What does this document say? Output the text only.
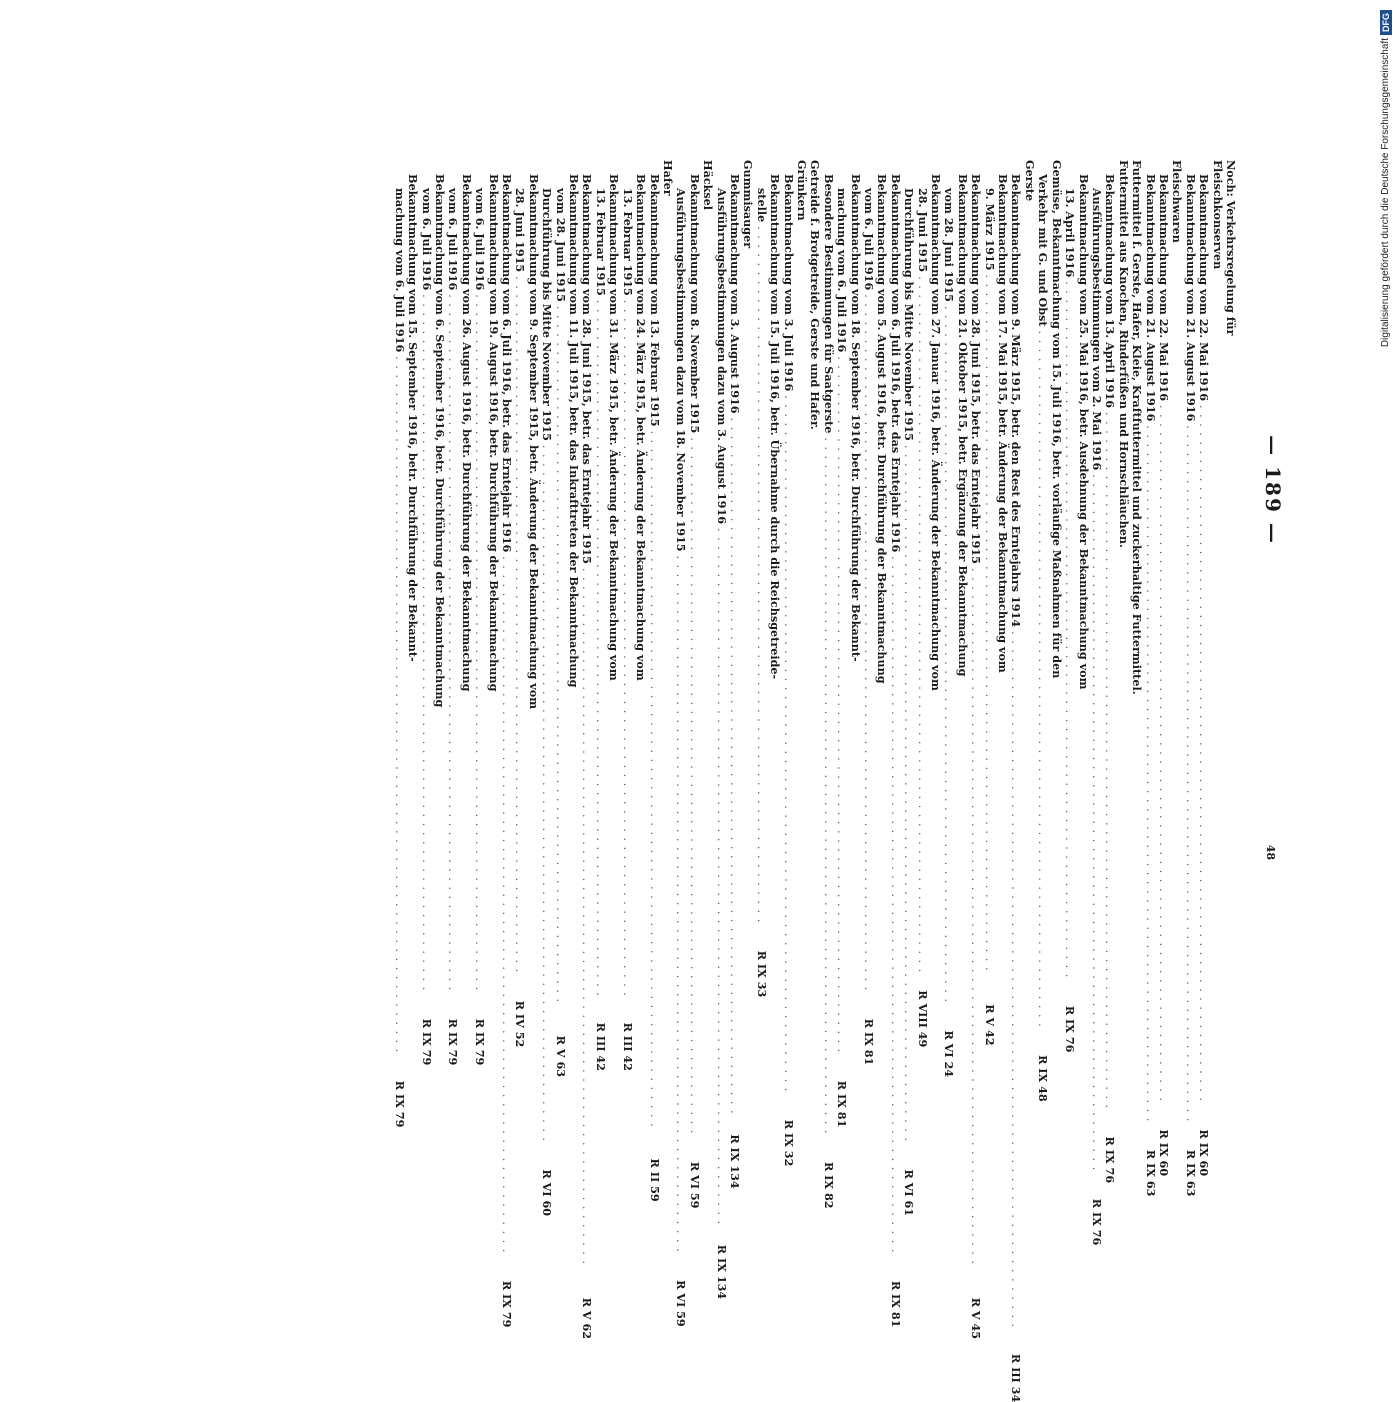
— 189 —
Noch: Verkehrsregelung für
Fleischkonserven
Bekanntmachung vom 22. Mai 1916
. . .
R IX 60
Bekanntmachung vom 21. August 1916
. . .
R IX 63
Fleischwaren
Bekanntmachung vom 22. Mai 1916
. . .
R IX 60
Bekanntmachung vom 21. August 1916
. . .
R IX 63
Futtermittel f. Gerste, Hafer, Kleie, Kraftfuttermittel und zuckerhaltige Futtermittel.
Futtermittel aus Knochen, Rinderfüßen und Hornschläuchen.
Bekanntmachung vom 13. April 1916
. . .
R IX 76
Ausführungsbestimmungen vom 2. Mai 1916
. . .
R IX 76
Bekanntmachung vom 25. Mai 1916, betr. Ausdehnung der Bekanntmachung vom
13. April 1916
. . .
R IX 76
Gemüse, Bekanntmachung vom 15. Juli 1916, betr. vorläufige Maßnahmen für den
Verkehr mit G. und Obst
. . .
R IX 48
Gerste
Bekanntmachung vom 9. März 1915, betr. den Rest des Erntejahrs 1914
. . .
R III 34
Bekanntmachung vom 17. Mai 1915, betr. Änderung der Bekanntmachung vom
9. März 1915
. . .
R V 42
Bekanntmachung vom 28. Juni 1915, betr. das Erntejahr 1915
. . .
R V 45
Bekanntmachung vom 21. Oktober 1915, betr. Ergänzung der Bekanntmachung
vom 28. Juni 1915
. . .
R VI 24
Bekanntmachung vom 27. Januar 1916, betr. Änderung der Bekanntmachung vom
28. Juni 1915
. . .
R VIII 49
Durchführung bis Mitte November 1915
. . .
R VI 61
Bekanntmachung vom 6. Juli 1916, betr. das Erntejahr 1916
. . .
R IX 81
Bekanntmachung vom 5. August 1916, betr. Durchführung der Bekanntmachung
vom 6. Juli 1916
. . .
R IX 81
Bekanntmachung vom 18. September 1916, betr. Durchführung der Bekannt-
machung vom 6. Juli 1916
. . .
R IX 81
Besondere Bestimmungen für Saatgerste
. . .
R IX 82
Getreide f. Brotgetreide, Gerste und Hafer.
Grünkern
Bekanntmachung vom 3. Juli 1916
. . .
R IX 32
Bekanntmachung vom 15. Juli 1916, betr. Übernahme durch die Reichsgetreide-
stelle
. . .
R IX 33
Gummisauger
Bekanntmachung vom 3. August 1916
. . .
R IX 134
Ausführungsbestimmungen dazu vom 3. August 1916
. . .
R IX 134
Häcksel
Bekanntmachung vom 8. November 1915
. . .
R VI 59
Ausführungsbestimmungen dazu vom 18. November 1915
. . .
R VI 59
Hafer
Bekanntmachung vom 13. Februar 1915
. . .
R II 59
Bekanntmachung vom 24. März 1915, betr. Änderung der Bekanntmachung vom
13. Februar 1915
. . .
R III 42
Bekanntmachung vom 31. März 1915, betr. Änderung der Bekanntmachung vom
13. Februar 1915
. . .
R III 42
Bekanntmachung vom 28. Juni 1915, betr. das Erntejahr 1915
. . .
R V 62
Bekanntmachung vom 11. Juli 1915, betr. das Inkrafttreten der Bekanntmachung
vom 28. Juni 1915
. . .
R V 63
Durchführung bis Mitte November 1915
. . .
R VI 60
Bekanntmachung vom 9. September 1915, betr. Änderung der Bekanntmachung vom
28. Juni 1915
. . .
R IV 52
Bekanntmachung vom 6. Juli 1916, betr. das Erntejahr 1916
. . .
R IX 79
Bekanntmachung vom 19. August 1916, betr. Durchführung der Bekanntmachung
vom 6. Juli 1916
. . .
R IX 79
Bekanntmachung vom 26. August 1916, betr. Durchführung der Bekanntmachung
vom 6. Juli 1916
. . .
R IX 79
Bekanntmachung vom 6. September 1916, betr. Durchführung der Bekanntmachung
vom 6. Juli 1916
. . .
R IX 79
Bekanntmachung vom 15. September 1916, betr. Durchführung der Bekannt-
machung vom 6. Juli 1916
. . .
R IX 79
48
Digitalisierung gefördert durch die Deutsche Forschungsgemeinschaft
DFG
